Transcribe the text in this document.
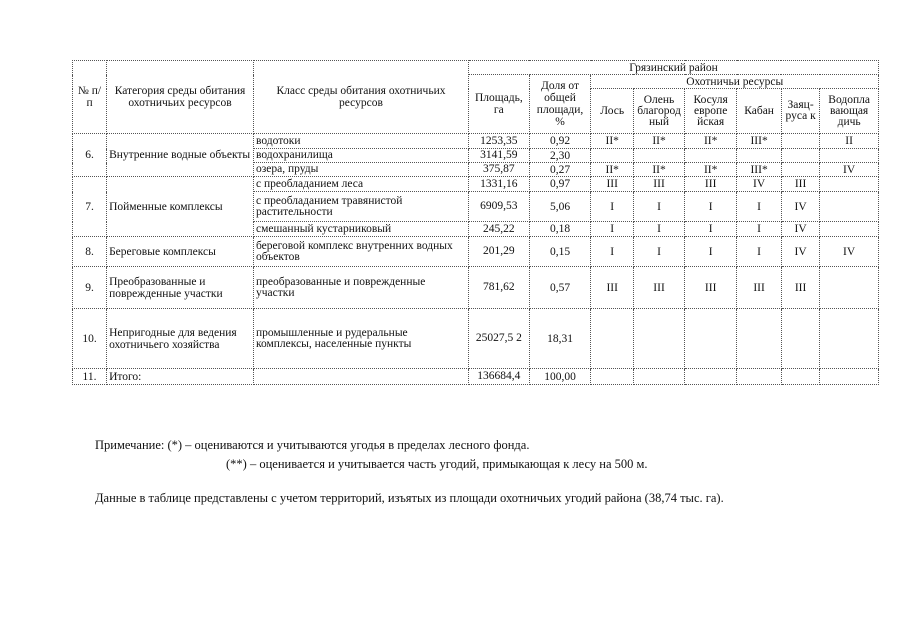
№ п/п	Категория среды обитания охотничьих ресурсов	Класс среды обитания охотничьих ресурсов	Грязинский район							
			Площадь, га	Доля от общей площади, %	Охотничьи ресурсы					
					Лось	Олень благород ный	Косуля европе йская	Кабан	Заяц-руса к	Водопла вающая дичь
6.	Внутренние водные объекты	водотоки	1253,35	0,92	II*	II*	II*	III*		II
		водохранилища	3141,59	2,30						
		озера, пруды	375,87	0,27	II*	II*	II*	III*		IV
7.	Пойменные комплексы	с преобладанием леса	1331,16	0,97	III	III	III	IV	III	
		с преобладанием травянистой растительности	6909,53	5,06	I	I	I	I	IV	
		смешанный кустарниковый	245,22	0,18	I	I	I	I	IV	
8.	Береговые комплексы	береговой комплекс внутренних водных объектов	201,29	0,15	I	I	I	I	IV	IV
9.	Преобразованные и поврежденные участки	преобразованные и поврежденные участки	781,62	0,57	III	III	III	III	III	
10.	Непригодные для ведения охотничьего хозяйства	промышленные и рудеральные комплексы, населенные пункты	25027,5 2	18,31						
11.	Итого:		136684,4	100,00						
Примечание: (*) – оцениваются и учитываются угодья в пределах лесного фонда.
(**) – оценивается и учитывается часть угодий, примыкающая к лесу на 500 м.
Данные в таблице представлены с учетом территорий, изъятых из площади охотничьих угодий района (38,74 тыс. га).
